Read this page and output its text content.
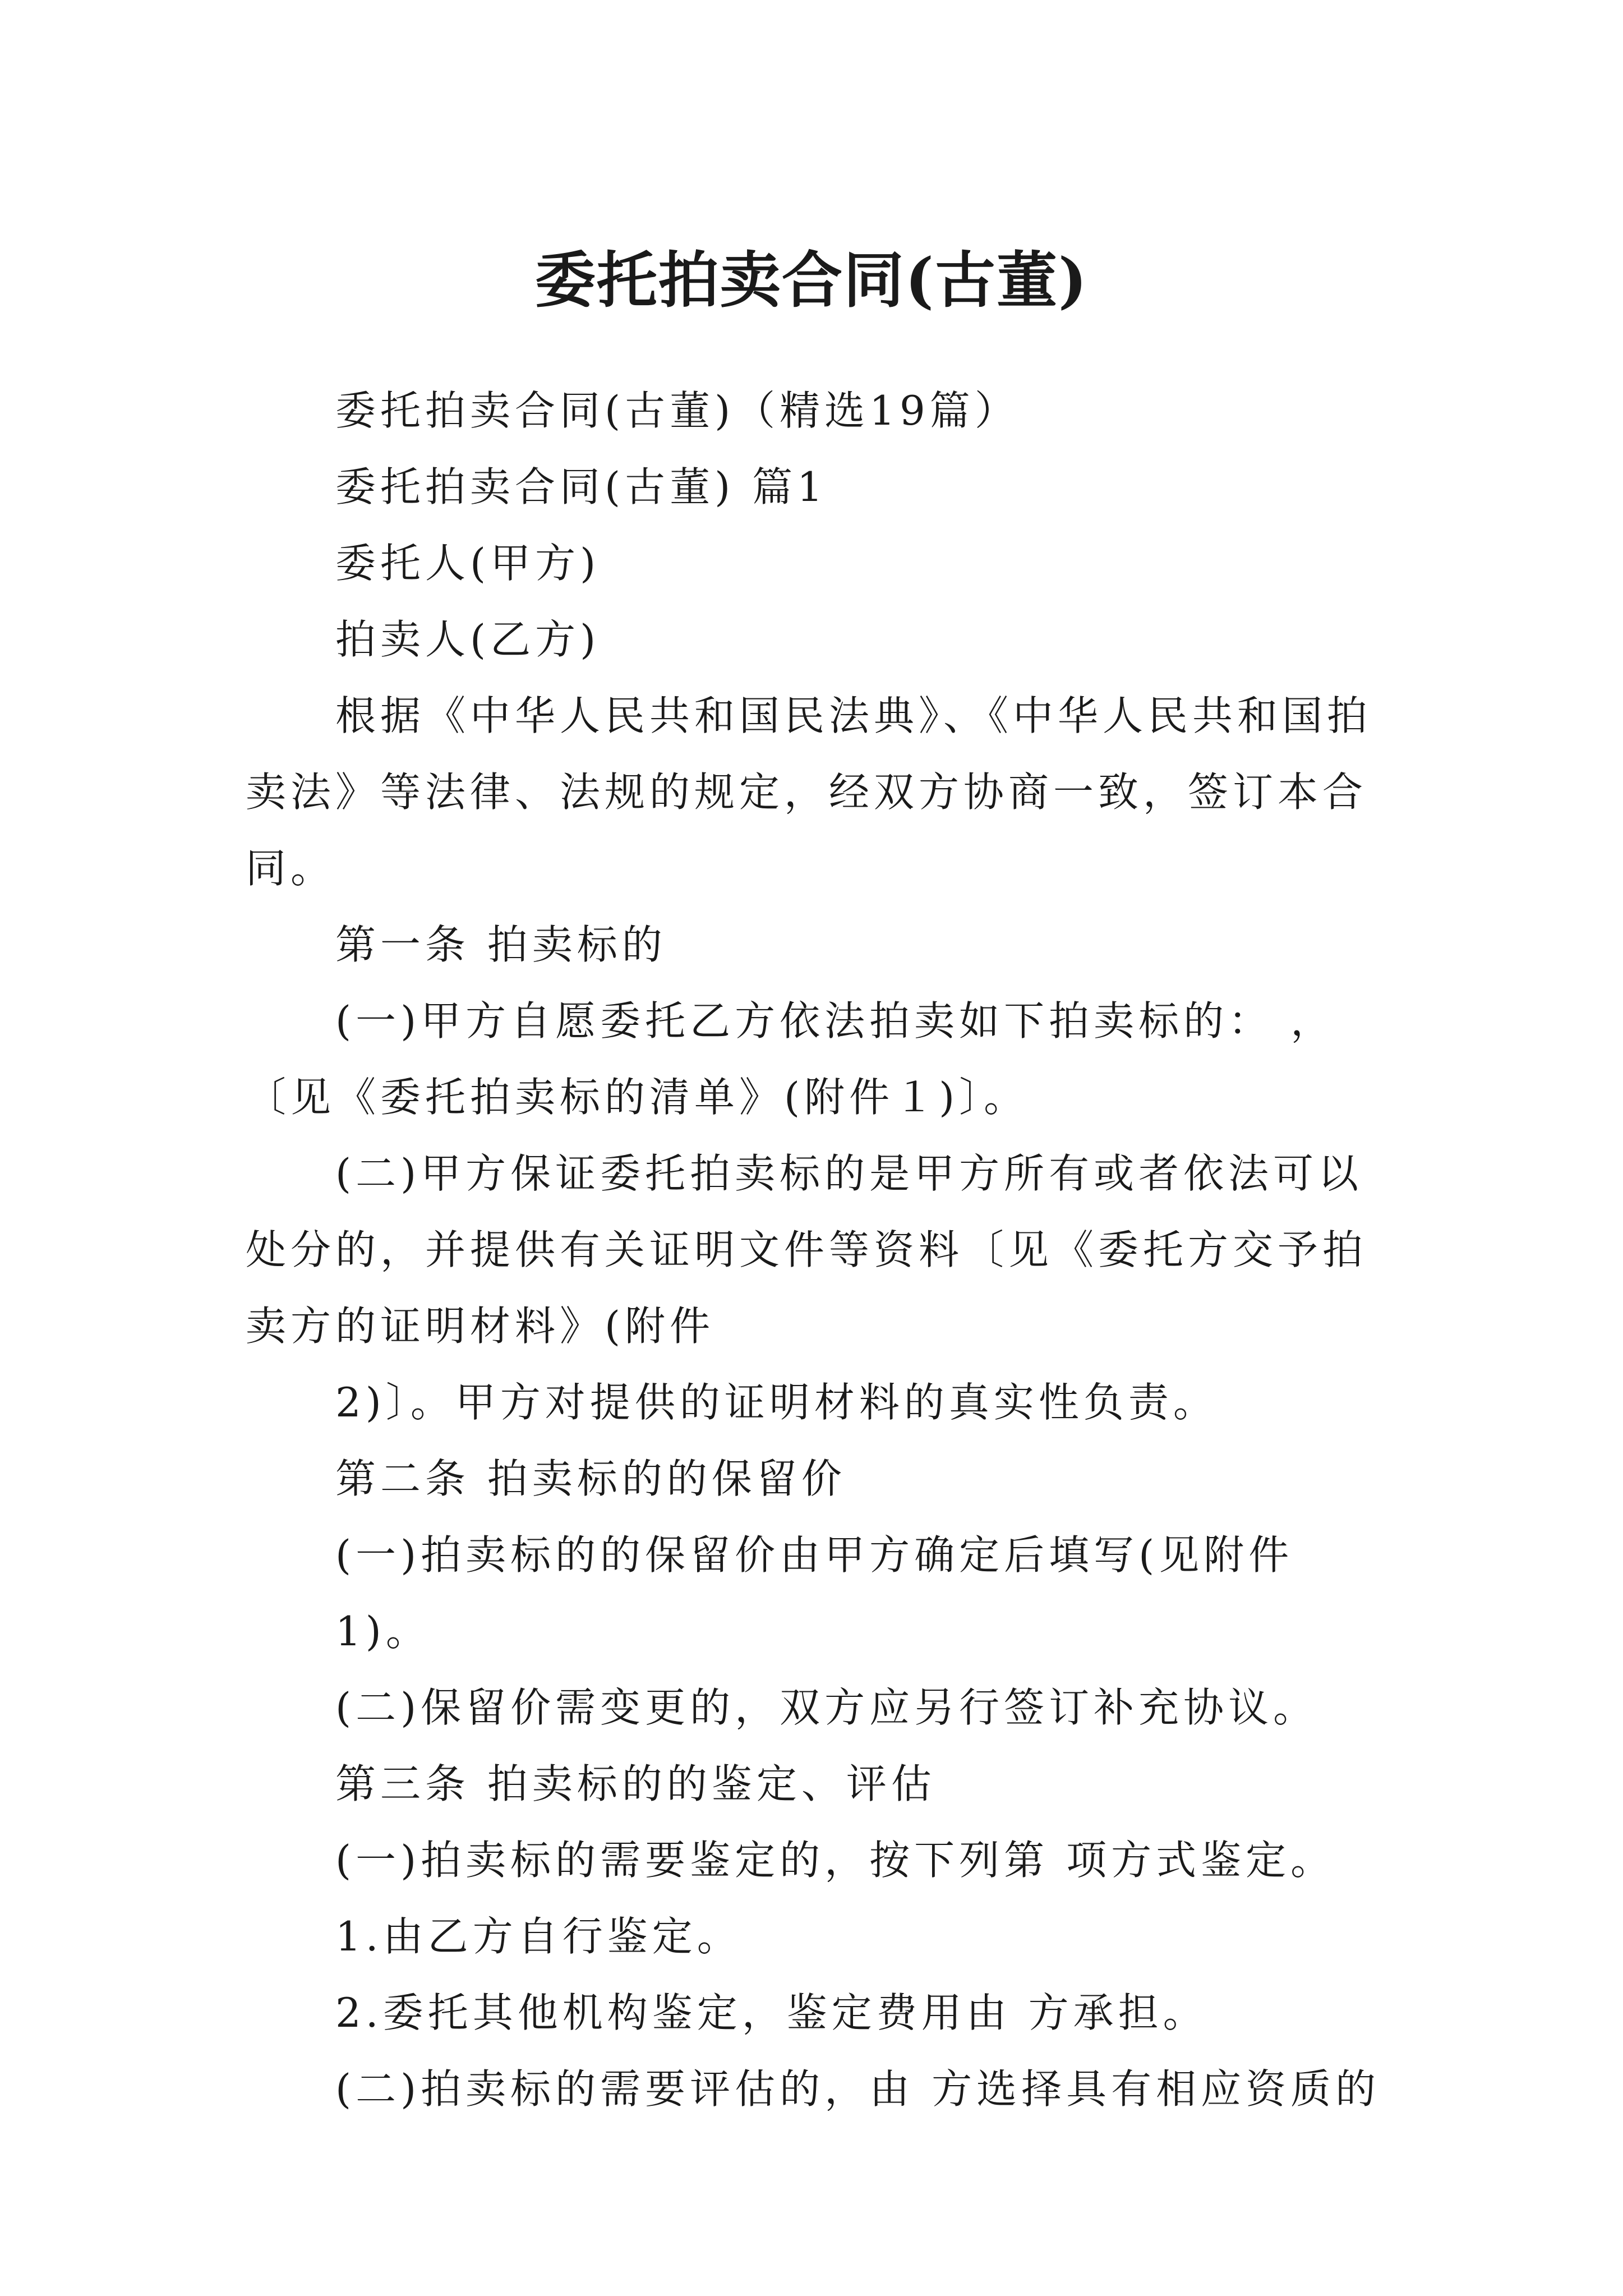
委托拍卖合同(古董)

委托拍卖合同(古董)（精选19篇）

委托拍卖合同(古董) 篇1

委托人(甲方)

拍卖人(乙方)

根据《中华人民共和国民法典》、《中华人民共和国拍卖法》等法律、法规的规定，经双方协商一致，签订本合同。

第一条 拍卖标的

(一)甲方自愿委托乙方依法拍卖如下拍卖标的： ，〔见《委托拍卖标的清单》(附件１)〕。

(二)甲方保证委托拍卖标的是甲方所有或者依法可以处分的，并提供有关证明文件等资料〔见《委托方交予拍卖方的证明材料》(附件

2)〕。甲方对提供的证明材料的真实性负责。

第二条 拍卖标的的保留价

(一)拍卖标的的保留价由甲方确定后填写(见附件

1)。

(二)保留价需变更的，双方应另行签订补充协议。

第三条 拍卖标的的鉴定、评估

(一)拍卖标的需要鉴定的，按下列第 项方式鉴定。

1.由乙方自行鉴定。

2.委托其他机构鉴定，鉴定费用由 方承担。

(二)拍卖标的需要评估的，由 方选择具有相应资质的
